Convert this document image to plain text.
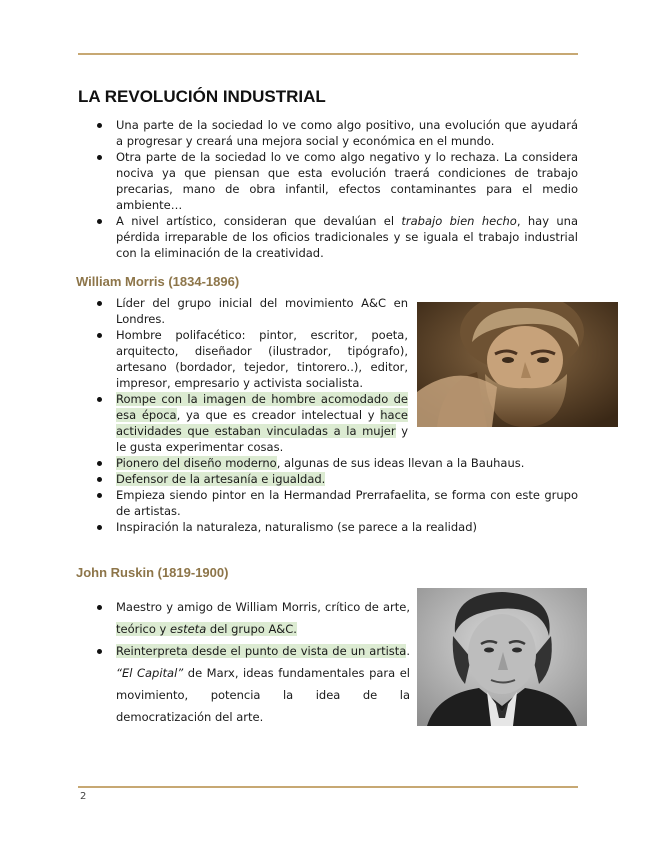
LA REVOLUCIÓN INDUSTRIAL
Una parte de la sociedad lo ve como algo positivo, una evolución que ayudará a progresar y creará una mejora social y económica en el mundo.
Otra parte de la sociedad lo ve como algo negativo y lo rechaza. La considera nociva ya que piensan que esta evolución traerá condiciones de trabajo precarias, mano de obra infantil, efectos contaminantes para el medio ambiente…
A nivel artístico, consideran que devalúan el trabajo bien hecho, hay una pérdida irreparable de los oficios tradicionales y se iguala el trabajo industrial con la eliminación de la creatividad.
William Morris (1834-1896)
Líder del grupo inicial del movimiento A&C en Londres.
Hombre polifacético: pintor, escritor, poeta, arquitecto, diseñador (ilustrador, tipógrafo), artesano (bordador, tejedor, tintorero..), editor, impresor, empresario y activista socialista.
Rompe con la imagen de hombre acomodado de esa época, ya que es creador intelectual y hace actividades que estaban vinculadas a la mujer y le gusta experimentar cosas.
Pionero del diseño moderno, algunas de sus ideas llevan a la Bauhaus.
Defensor de la artesanía e igualdad.
Empieza siendo pintor en la Hermandad Prerrafaelita, se forma con este grupo de artistas.
Inspiración la naturaleza, naturalismo (se parece a la realidad)
John Ruskin (1819-1900)
Maestro y amigo de William Morris, crítico de arte, teórico y esteta del grupo A&C.
Reinterpreta desde el punto de vista de un artista. “El Capital” de Marx, ideas fundamentales para el movimiento, potencia la idea de la democratización del arte.
2
